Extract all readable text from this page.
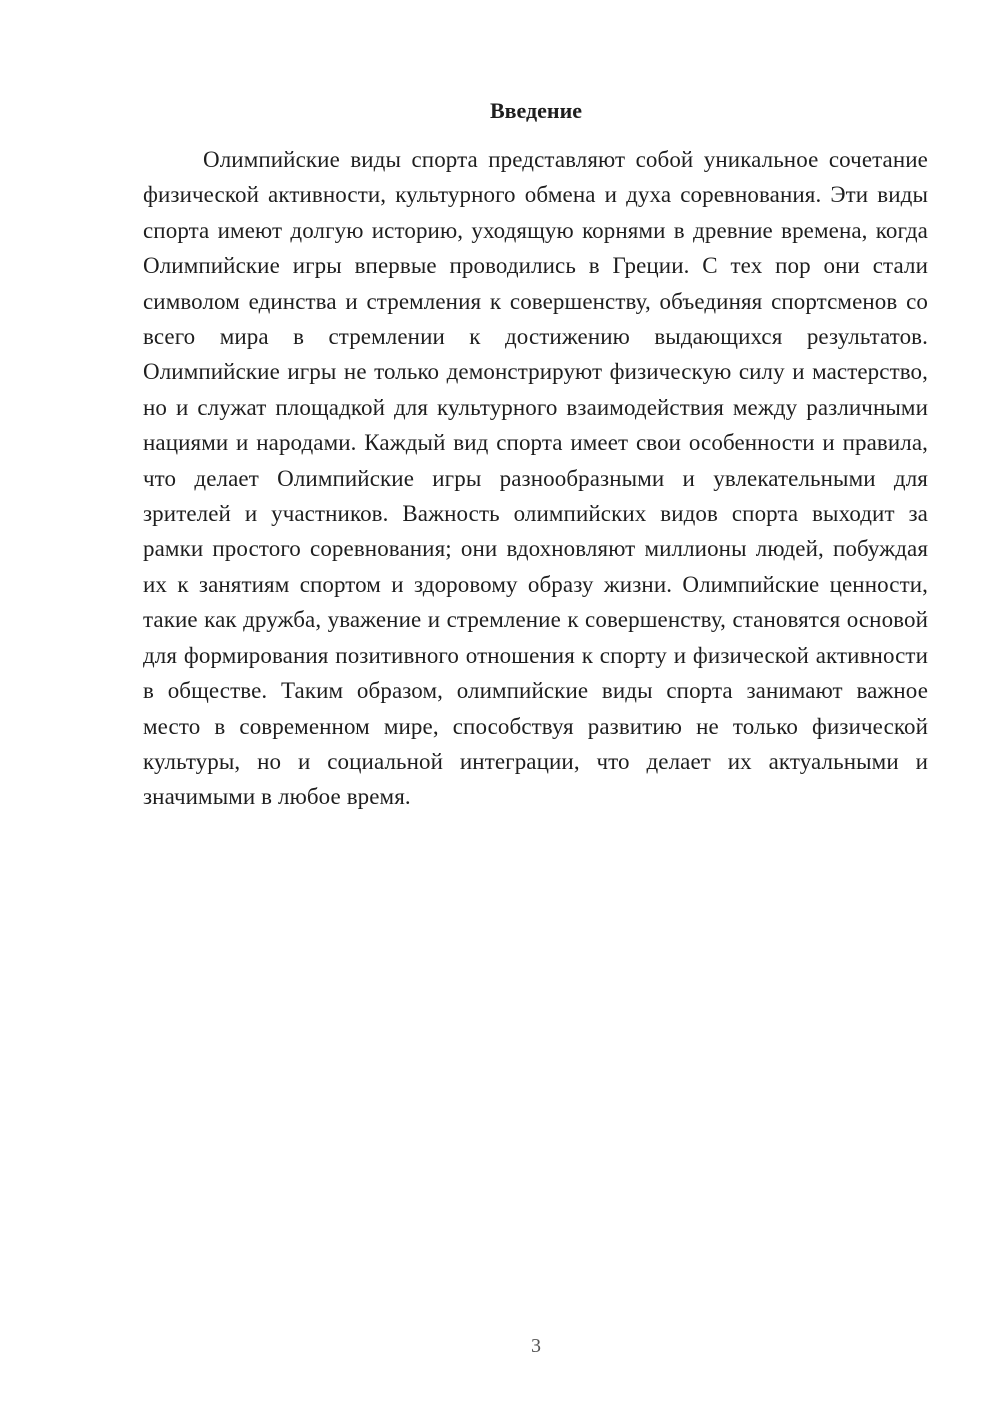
Введение

Олимпийские виды спорта представляют собой уникальное сочетание физической активности, культурного обмена и духа соревнования. Эти виды спорта имеют долгую историю, уходящую корнями в древние времена, когда Олимпийские игры впервые проводились в Греции. С тех пор они стали символом единства и стремления к совершенству, объединяя спортсменов со всего мира в стремлении к достижению выдающихся результатов. Олимпийские игры не только демонстрируют физическую силу и мастерство, но и служат площадкой для культурного взаимодействия между различными нациями и народами. Каждый вид спорта имеет свои особенности и правила, что делает Олимпийские игры разнообразными и увлекательными для зрителей и участников. Важность олимпийских видов спорта выходит за рамки простого соревнования; они вдохновляют миллионы людей, побуждая их к занятиям спортом и здоровому образу жизни. Олимпийские ценности, такие как дружба, уважение и стремление к совершенству, становятся основой для формирования позитивного отношения к спорту и физической активности в обществе. Таким образом, олимпийские виды спорта занимают важное место в современном мире, способствуя развитию не только физической культуры, но и социальной интеграции, что делает их актуальными и значимыми в любое время.

3
